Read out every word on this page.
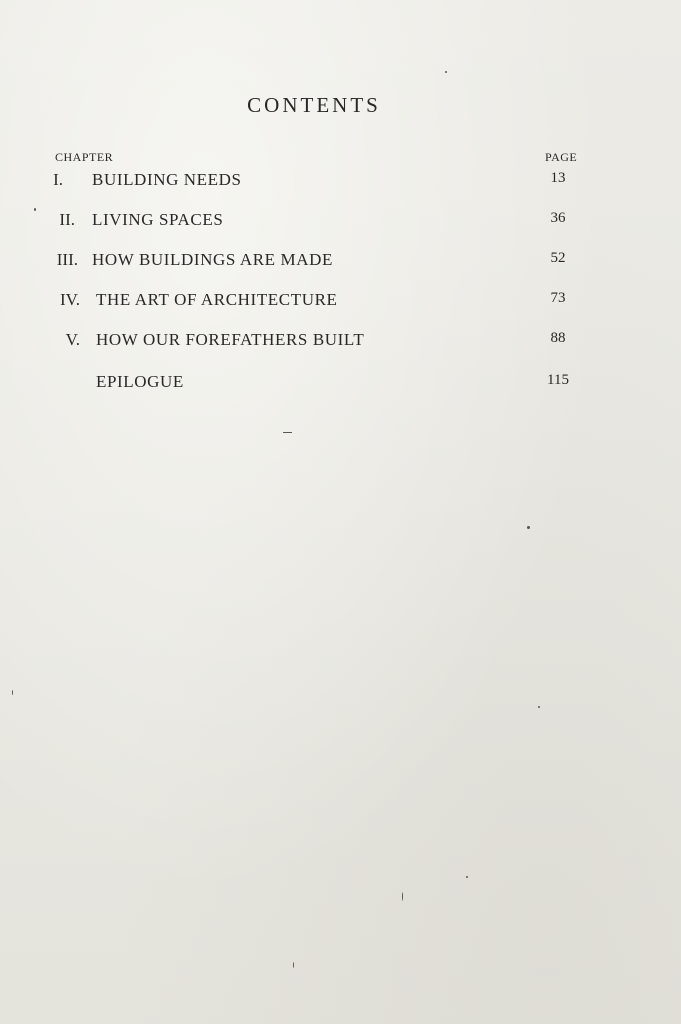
CONTENTS
CHAPTER	PAGE
I. BUILDING NEEDS	13
II. LIVING SPACES	36
III. HOW BUILDINGS ARE MADE	52
IV. THE ART OF ARCHITECTURE	73
V. HOW OUR FOREFATHERS BUILT	88
EPILOGUE	115
